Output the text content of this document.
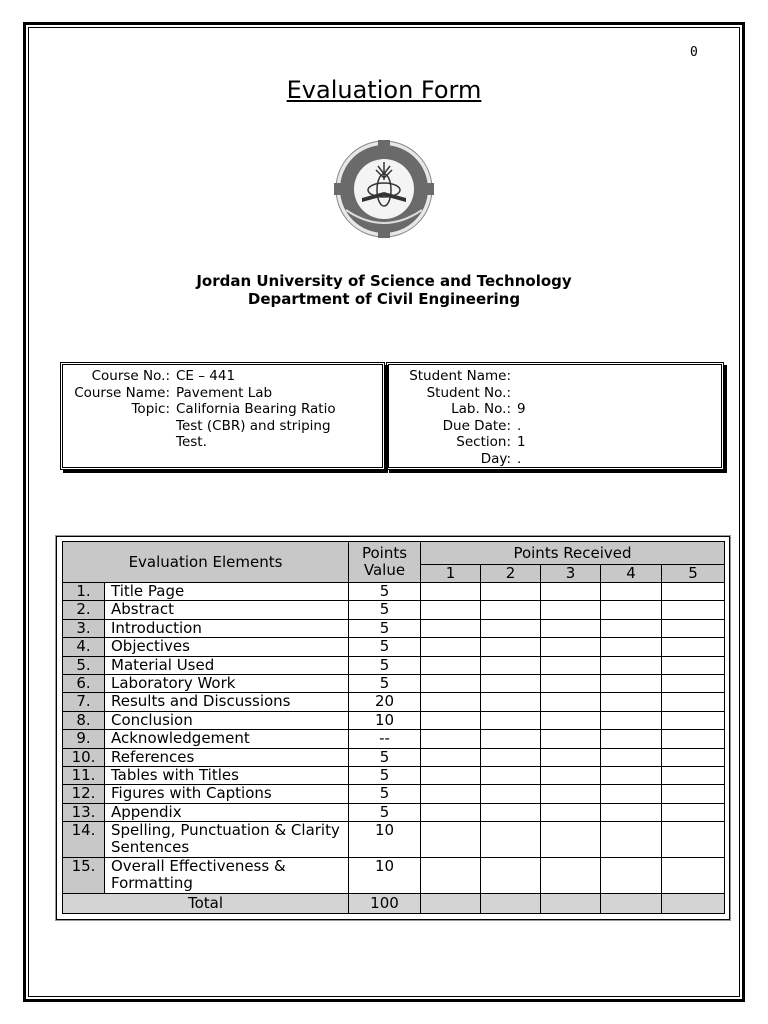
0
Evaluation Form
Jordan University of Science and Technology
Department of Civil Engineering
Course No.: CE – 441
Course Name: Pavement Lab
Topic: California Bearing Ratio Test (CBR) and striping Test.
Student Name:
Student No.:
Lab. No.: 9
Due Date: .
Section: 1
Day: .
Evaluation Elements		Points Value	Points Received				
			1	2	3	4	5
1.	Title Page	5					
2.	Abstract	5					
3.	Introduction	5					
4.	Objectives	5					
5.	Material Used	5					
6.	Laboratory Work	5					
7.	Results and Discussions	20					
8.	Conclusion	10					
9.	Acknowledgement	--					
10.	References	5					
11.	Tables with Titles	5					
12.	Figures with Captions	5					
13.	Appendix	5					
14.	Spelling, Punctuation & Clarity Sentences	10					
15.	Overall Effectiveness & Formatting	10					
Total		100					
